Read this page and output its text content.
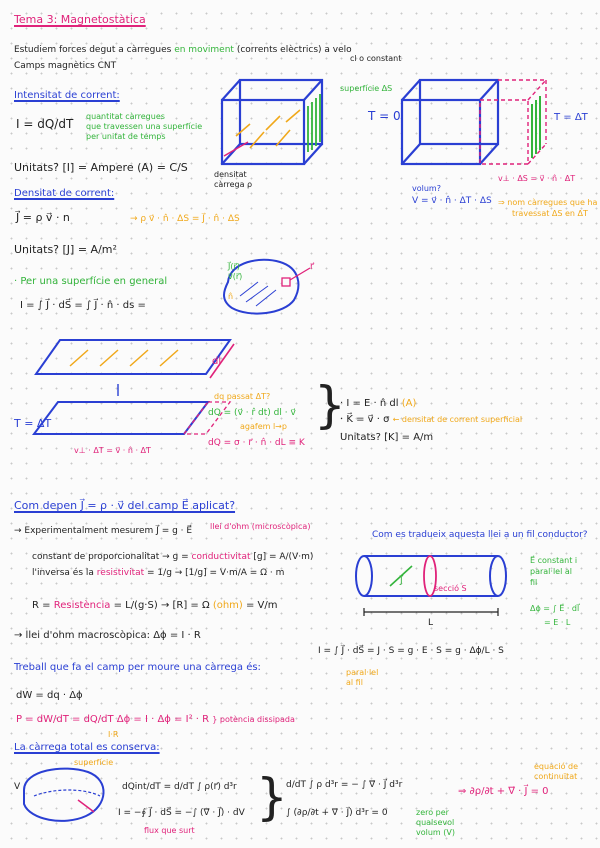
Tema 3: Magnetostàtica
Estudiem forces degut a càrregues en moviment (corrents elèctrics) a velo
cl o constant
Camps magnètics CNT
Intensitat de corrent:
I = dQ/dT
quantitat càrregues
que travessen una superfície
per unitat de temps
Unitats? [I] = Ampere (A) = C/S
superfície ΔS
densitat
càrrega ρ
T = 0	T = ΔT
v⊥ · ΔS = v⃗ · n̂ · ΔT
volum?
V = v⃗ · n̂ · ΔT · ΔS ⇒ nom càrregues que ha
travessat ΔS en ΔT
Densitat de corrent:
J⃗ = ρ v⃗ · n	→ ρ v⃗ · n̂ · ΔS = J⃗ · n̂ · ΔS
Unitats? [J] = A/m²
· Per una superfície en general
I = ∫ J⃗ · dS⃗ = ∫ J⃗ · n̂ · ds =
J⃗(r⃗)
v⃗(r⃗)
r⃗
n̂
dl
T = ΔT
dq passat ΔT?
dQ = (v⃗ · r̂ dt) dl · v⃗
agafem l→p
dQ = σ · r⃗ · n̂ · dL ≡ K
v⊥ · ΔT = v⃗ · n̂ · ΔT
}
· I = E · n̂ dl (A)
· K⃗ = v⃗ · σ ← densitat de corrent superficial
Unitats? [K] = A/m
Com depen J⃗ = ρ · v⃗ del camp E⃗ aplicat?
→ Experimentalment mesurem J⃗ = g · E⃗ llei d'ohm (microscòpica)
constant de proporcionalitat → g = conductivitat [g] = A/(V·m)
l'inversa és la resistivitat = 1/g → [1/g] = V·m/A = Ω · m
R = Resistència = L/(g·S) → [R] = Ω (ohm) = V/m
→ llei d'ohm macroscòpica: Δϕ = I · R
Com es tradueix aquesta llei a un fil conductor?
J⃗
secció S
L
E⃗ constant i
paral·lel al
fil
Δϕ = ∫ E⃗ · dl⃗
= E · L
I = ∫ J⃗ · dS⃗ = J · S = g · E · S = g · Δϕ/L · S
paral·lel
al fil
Treball que fa el camp per moure una càrrega és:
dW = dq · Δϕ
P = dW/dT = dQ/dT Δϕ = I · Δϕ = I² · R } potència dissipada
I·R
La càrrega total es conserva:
superfície
V	dQint/dT = d/dT ∫ ρ(r⃗) d³r
I = −∮ J⃗ · dS⃗ = −∫ (∇⃗ · J⃗) · dV
flux que surt
}
d/dT ∫ ρ d³r = − ∫ ∇⃗ · J⃗ d³r
∫ (∂ρ/∂t + ∇⃗ · J⃗) d³r = 0	zero per
qualsevol
volum (V)
⇒ ∂ρ/∂t + ∇⃗ · J⃗ = 0
equació de
continuïtat
